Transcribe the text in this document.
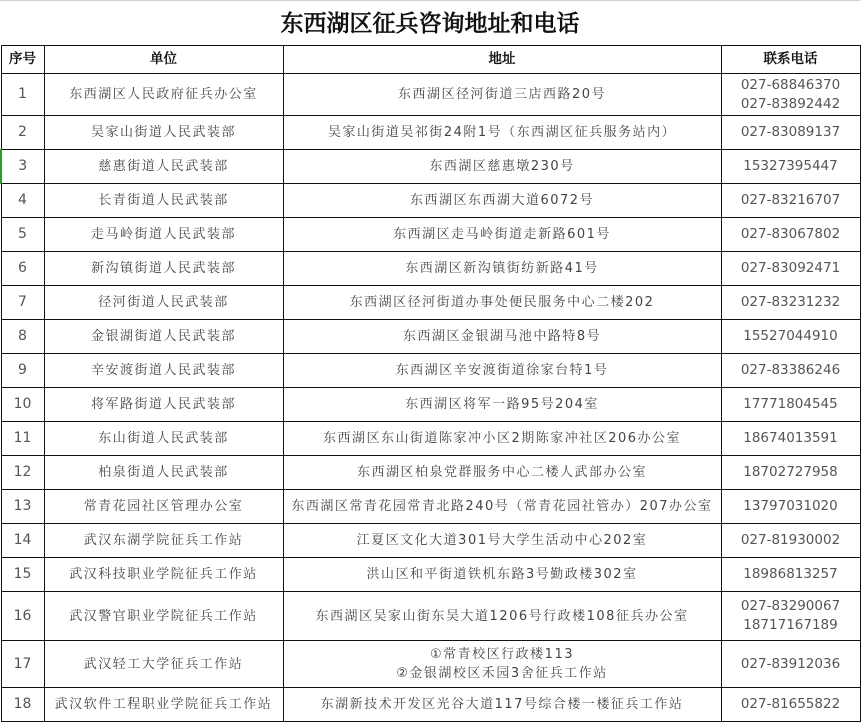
东西湖区征兵咨询地址和电话
序号	单位	地址	联系电话
1	东西湖区人民政府征兵办公室	东西湖区径河街道三店西路20号	027-68846370
027-83892442

2	吴家山街道人民武装部	吴家山街道吴祁街24附1号（东西湖区征兵服务站内）	027-83089137

3	慈惠街道人民武装部	东西湖区慈惠墩230号	15327395447

4	长青街道人民武装部	东西湖区东西湖大道6072号	027-83216707

5	走马岭街道人民武装部	东西湖区走马岭街道走新路601号	027-83067802

6	新沟镇街道人民武装部	东西湖区新沟镇街纺新路41号	027-83092471

7	径河街道人民武装部	东西湖区径河街道办事处便民服务中心二楼202	027-83231232

8	金银湖街道人民武装部	东西湖区金银湖马池中路特8号	15527044910

9	辛安渡街道人民武装部	东西湖区辛安渡街道徐家台特1号	027-83386246

10	将军路街道人民武装部	东西湖区将军一路95号204室	17771804545

11	东山街道人民武装部	东西湖区东山街道陈家冲小区2期陈家冲社区206办公室	18674013591

12	柏泉街道人民武装部	东西湖区柏泉党群服务中心二楼人武部办公室	18702727958

13	常青花园社区管理办公室	东西湖区常青花园常青北路240号（常青花园社管办）207办公室	13797031020

14	武汉东湖学院征兵工作站	江夏区文化大道301号大学生活动中心202室	027-81930002

15	武汉科技职业学院征兵工作站	洪山区和平街道铁机东路3号勤政楼302室	18986813257

16	武汉警官职业学院征兵工作站	东西湖区吴家山街东吴大道1206号行政楼108征兵办公室	027-83290067
18717167189

17	武汉轻工大学征兵工作站	①常青校区行政楼113
②金银湖校区禾园3舍征兵工作站	027-83912036

18	武汉软件工程职业学院征兵工作站	东湖新技术开发区光谷大道117号综合楼一楼征兵工作站	027-81655822
